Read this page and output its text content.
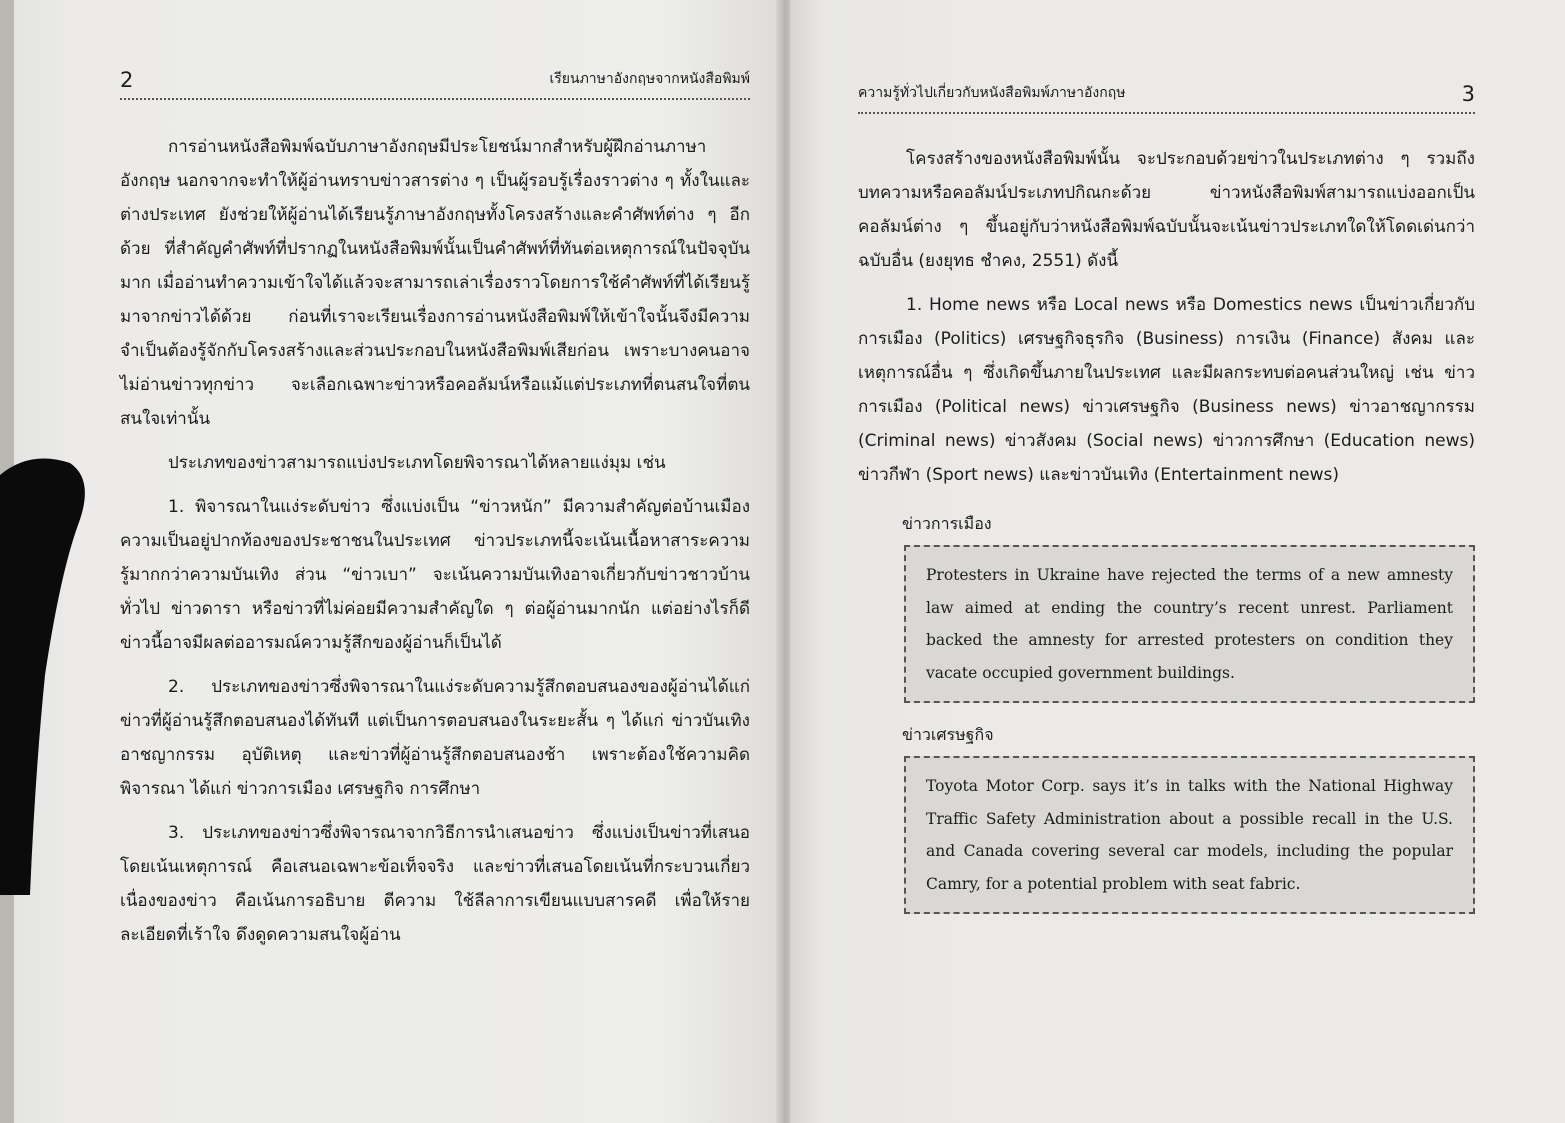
2	เรียนภาษาอังกฤษจากหนังสือพิมพ์

การอ่านหนังสือพิมพ์ฉบับภาษาอังกฤษมีประโยชน์มากสำหรับผู้ฝึกอ่านภาษาอังกฤษ นอกจากจะทำให้ผู้อ่านทราบข่าวสารต่าง ๆ เป็นผู้รอบรู้เรื่องราวต่าง ๆ ทั้งในและต่างประเทศ ยังช่วยให้ผู้อ่านได้เรียนรู้ภาษาอังกฤษทั้งโครงสร้างและคำศัพท์ต่าง ๆ อีกด้วย ที่สำคัญคำศัพท์ที่ปรากฏในหนังสือพิมพ์นั้นเป็นคำศัพท์ที่ทันต่อเหตุการณ์ในปัจจุบันมาก เมื่ออ่านทำความเข้าใจได้แล้วจะสามารถเล่าเรื่องราวโดยการใช้คำศัพท์ที่ได้เรียนรู้มาจากข่าวได้ด้วย ก่อนที่เราจะเรียนเรื่องการอ่านหนังสือพิมพ์ให้เข้าใจนั้นจึงมีความจำเป็นต้องรู้จักกับโครงสร้างและส่วนประกอบในหนังสือพิมพ์เสียก่อน เพราะบางคนอาจไม่อ่านข่าวทุกข่าว จะเลือกเฉพาะข่าวหรือคอลัมน์หรือแม้แต่ประเภทที่ตนสนใจที่ตนสนใจเท่านั้น

ประเภทของข่าวสามารถแบ่งประเภทโดยพิจารณาได้หลายแง่มุม เช่น

1. พิจารณาในแง่ระดับข่าว ซึ่งแบ่งเป็น “ข่าวหนัก” มีความสำคัญต่อบ้านเมือง ความเป็นอยู่ปากท้องของประชาชนในประเทศ ข่าวประเภทนี้จะเน้นเนื้อหาสาระความรู้มากกว่าความบันเทิง ส่วน “ข่าวเบา” จะเน้นความบันเทิงอาจเกี่ยวกับข่าวชาวบ้านทั่วไป ข่าวดารา หรือข่าวที่ไม่ค่อยมีความสำคัญใด ๆ ต่อผู้อ่านมากนัก แต่อย่างไรก็ดีข่าวนี้อาจมีผลต่ออารมณ์ความรู้สึกของผู้อ่านก็เป็นได้

2. ประเภทของข่าวซึ่งพิจารณาในแง่ระดับความรู้สึกตอบสนองของผู้อ่านได้แก่ ข่าวที่ผู้อ่านรู้สึกตอบสนองได้ทันที แต่เป็นการตอบสนองในระยะสั้น ๆ ได้แก่ ข่าวบันเทิง อาชญากรรม อุบัติเหตุ และข่าวที่ผู้อ่านรู้สึกตอบสนองช้า เพราะต้องใช้ความคิดพิจารณา ได้แก่ ข่าวการเมือง เศรษฐกิจ การศึกษา

3. ประเภทของข่าวซึ่งพิจารณาจากวิธีการนำเสนอข่าว ซึ่งแบ่งเป็นข่าวที่เสนอโดยเน้นเหตุการณ์ คือเสนอเฉพาะข้อเท็จจริง และข่าวที่เสนอโดยเน้นที่กระบวนเกี่ยวเนื่องของข่าว คือเน้นการอธิบาย ตีความ ใช้ลีลาการเขียนแบบสารคดี เพื่อให้รายละเอียดที่เร้าใจ ดึงดูดความสนใจผู้อ่าน

ความรู้ทั่วไปเกี่ยวกับหนังสือพิมพ์ภาษาอังกฤษ	3

โครงสร้างของหนังสือพิมพ์นั้น จะประกอบด้วยข่าวในประเภทต่าง ๆ รวมถึงบทความหรือคอลัมน์ประเภทปกิณกะด้วย ข่าวหนังสือพิมพ์สามารถแบ่งออกเป็นคอลัมน์ต่าง ๆ ขึ้นอยู่กับว่าหนังสือพิมพ์ฉบับนั้นจะเน้นข่าวประเภทใดให้โดดเด่นกว่าฉบับอื่น (ยงยุทธ ชำคง, 2551) ดังนี้

1. Home news หรือ Local news หรือ Domestics news เป็นข่าวเกี่ยวกับการเมือง (Politics) เศรษฐกิจธุรกิจ (Business) การเงิน (Finance) สังคม และเหตุการณ์อื่น ๆ ซึ่งเกิดขึ้นภายในประเทศ และมีผลกระทบต่อคนส่วนใหญ่ เช่น ข่าวการเมือง (Political news) ข่าวเศรษฐกิจ (Business news) ข่าวอาชญากรรม (Criminal news) ข่าวสังคม (Social news) ข่าวการศึกษา (Education news) ข่าวกีฬา (Sport news) และข่าวบันเทิง (Entertainment news)

ข่าวการเมือง
Protesters in Ukraine have rejected the terms of a new amnesty law aimed at ending the country’s recent unrest. Parliament backed the amnesty for arrested protesters on condition they vacate occupied government buildings.
ข่าวเศรษฐกิจ
Toyota Motor Corp. says it’s in talks with the National Highway Traffic Safety Administration about a possible recall in the U.S. and Canada covering several car models, including the popular Camry, for a potential problem with seat fabric.
